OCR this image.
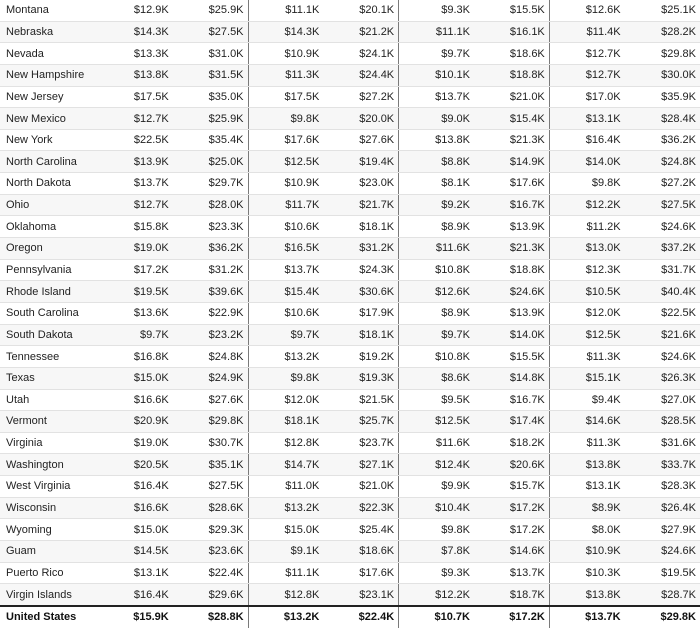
Montana	$12.9K	$25.9K	$11.1K	$20.1K	$9.3K	$15.5K	$12.6K	$25.1K
Nebraska	$14.3K	$27.5K	$14.3K	$21.2K	$11.1K	$16.1K	$11.4K	$28.2K
Nevada	$13.3K	$31.0K	$10.9K	$24.1K	$9.7K	$18.6K	$12.7K	$29.8K
New Hampshire	$13.8K	$31.5K	$11.3K	$24.4K	$10.1K	$18.8K	$12.7K	$30.0K
New Jersey	$17.5K	$35.0K	$17.5K	$27.2K	$13.7K	$21.0K	$17.0K	$35.9K
New Mexico	$12.7K	$25.9K	$9.8K	$20.0K	$9.0K	$15.4K	$13.1K	$28.4K
New York	$22.5K	$35.4K	$17.6K	$27.6K	$13.8K	$21.3K	$16.4K	$36.2K
North Carolina	$13.9K	$25.0K	$12.5K	$19.4K	$8.8K	$14.9K	$14.0K	$24.8K
North Dakota	$13.7K	$29.7K	$10.9K	$23.0K	$8.1K	$17.6K	$9.8K	$27.2K
Ohio	$12.7K	$28.0K	$11.7K	$21.7K	$9.2K	$16.7K	$12.2K	$27.5K
Oklahoma	$15.8K	$23.3K	$10.6K	$18.1K	$8.9K	$13.9K	$11.2K	$24.6K
Oregon	$19.0K	$36.2K	$16.5K	$31.2K	$11.6K	$21.3K	$13.0K	$37.2K
Pennsylvania	$17.2K	$31.2K	$13.7K	$24.3K	$10.8K	$18.8K	$12.3K	$31.7K
Rhode Island	$19.5K	$39.6K	$15.4K	$30.6K	$12.6K	$24.6K	$10.5K	$40.4K
South Carolina	$13.6K	$22.9K	$10.6K	$17.9K	$8.9K	$13.9K	$12.0K	$22.5K
South Dakota	$9.7K	$23.2K	$9.7K	$18.1K	$9.7K	$14.0K	$12.5K	$21.6K
Tennessee	$16.8K	$24.8K	$13.2K	$19.2K	$10.8K	$15.5K	$11.3K	$24.6K
Texas	$15.0K	$24.9K	$9.8K	$19.3K	$8.6K	$14.8K	$15.1K	$26.3K
Utah	$16.6K	$27.6K	$12.0K	$21.5K	$9.5K	$16.7K	$9.4K	$27.0K
Vermont	$20.9K	$29.8K	$18.1K	$25.7K	$12.5K	$17.4K	$14.6K	$28.5K
Virginia	$19.0K	$30.7K	$12.8K	$23.7K	$11.6K	$18.2K	$11.3K	$31.6K
Washington	$20.5K	$35.1K	$14.7K	$27.1K	$12.4K	$20.6K	$13.8K	$33.7K
West Virginia	$16.4K	$27.5K	$11.0K	$21.0K	$9.9K	$15.7K	$13.1K	$28.3K
Wisconsin	$16.6K	$28.6K	$13.2K	$22.3K	$10.4K	$17.2K	$8.9K	$26.4K
Wyoming	$15.0K	$29.3K	$15.0K	$25.4K	$9.8K	$17.2K	$8.0K	$27.9K
Guam	$14.5K	$23.6K	$9.1K	$18.6K	$7.8K	$14.6K	$10.9K	$24.6K
Puerto Rico	$13.1K	$22.4K	$11.1K	$17.6K	$9.3K	$13.7K	$10.3K	$19.5K
Virgin Islands	$16.4K	$29.6K	$12.8K	$23.1K	$12.2K	$18.7K	$13.8K	$28.7K
United States	$15.9K	$28.8K	$13.2K	$22.4K	$10.7K	$17.2K	$13.7K	$29.8K
